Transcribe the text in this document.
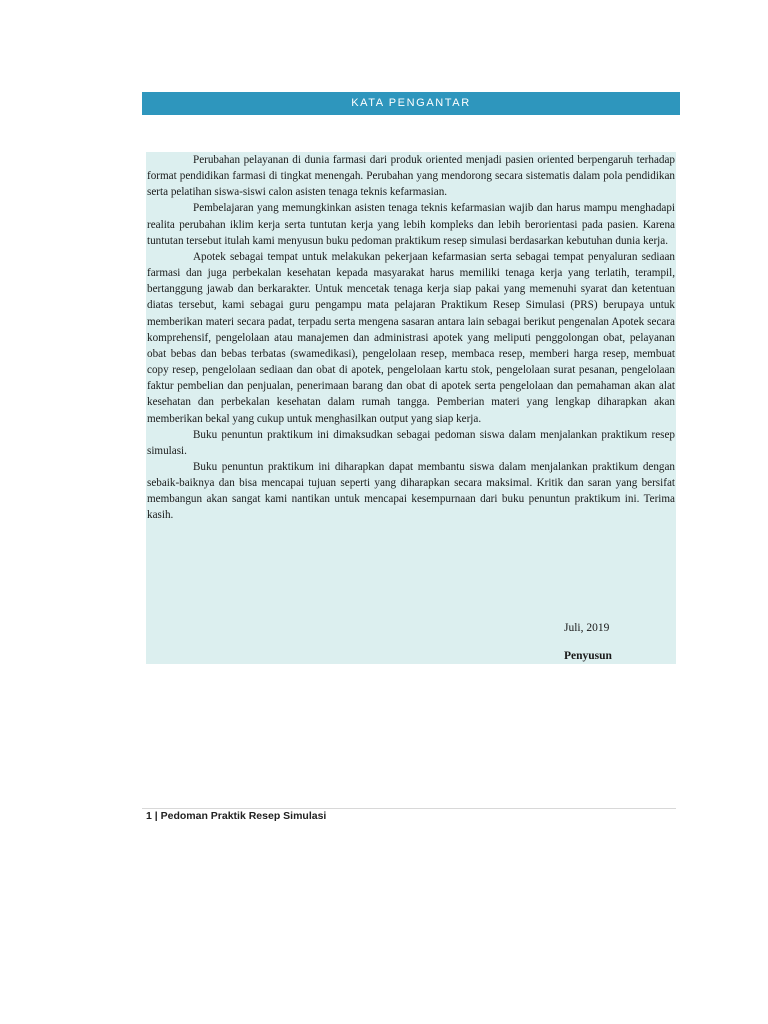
KATA PENGANTAR

Perubahan pelayanan di dunia farmasi dari produk oriented menjadi pasien oriented berpengaruh terhadap format pendidikan farmasi di tingkat menengah. Perubahan yang mendorong secara sistematis dalam pola pendidikan serta pelatihan siswa-siswi calon asisten tenaga teknis kefarmasian.

Pembelajaran yang memungkinkan asisten tenaga teknis kefarmasian wajib dan harus mampu menghadapi realita perubahan iklim kerja serta tuntutan kerja yang lebih kompleks dan lebih berorientasi pada pasien. Karena tuntutan tersebut itulah kami menyusun buku pedoman praktikum resep simulasi berdasarkan kebutuhan dunia kerja.

Apotek sebagai tempat untuk melakukan pekerjaan kefarmasian serta sebagai tempat penyaluran sediaan farmasi dan juga perbekalan kesehatan kepada masyarakat harus memiliki tenaga kerja yang terlatih, terampil, bertanggung jawab dan berkarakter. Untuk mencetak tenaga kerja siap pakai yang memenuhi syarat dan ketentuan diatas tersebut, kami sebagai guru pengampu mata pelajaran Praktikum Resep Simulasi (PRS) berupaya untuk memberikan materi secara padat, terpadu serta mengena sasaran antara lain sebagai berikut pengenalan Apotek secara komprehensif, pengelolaan atau manajemen dan administrasi apotek yang meliputi penggolongan obat, pelayanan obat bebas dan bebas terbatas (swamedikasi), pengelolaan resep, membaca resep, memberi harga resep, membuat copy resep, pengelolaan sediaan dan obat di apotek, pengelolaan kartu stok, pengelolaan surat pesanan, pengelolaan faktur pembelian dan penjualan, penerimaan barang dan obat di apotek serta pengelolaan dan pemahaman akan alat kesehatan dan perbekalan kesehatan dalam rumah tangga. Pemberian materi yang lengkap diharapkan akan memberikan bekal yang cukup untuk menghasilkan output yang siap kerja.

Buku penuntun praktikum ini dimaksudkan sebagai pedoman siswa dalam menjalankan praktikum resep simulasi.

Buku penuntun praktikum ini diharapkan dapat membantu siswa dalam menjalankan praktikum dengan sebaik-baiknya dan bisa mencapai tujuan seperti yang diharapkan secara maksimal. Kritik dan saran yang bersifat membangun akan sangat kami nantikan untuk mencapai kesempurnaan dari buku penuntun praktikum ini. Terima kasih.

Juli, 2019
Penyusun
1 | Pedoman Praktik Resep Simulasi
